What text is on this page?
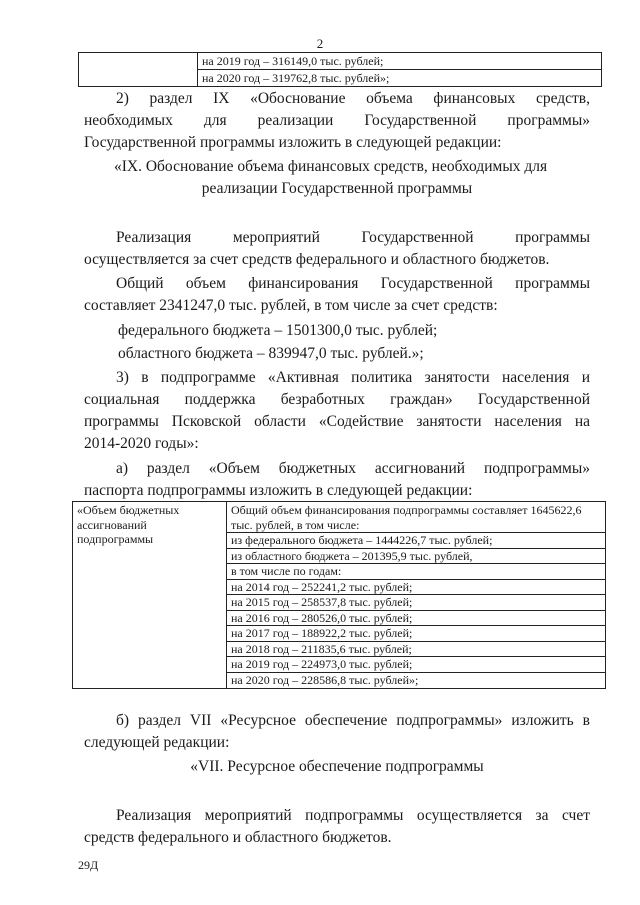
2
	на 2019 год – 316149,0 тыс. рублей;
на 2020 год – 319762,8 тыс. рублей»;
2) раздел IX «Обоснование объема финансовых средств,
необходимых для реализации Государственной программы»
Государственной программы изложить в следующей редакции:
«IX. Обоснование объема финансовых средств, необходимых для
реализации Государственной программы
Реализация мероприятий Государственной программы
осуществляется за счет средств федерального и областного бюджетов.
Общий объем финансирования Государственной программы
составляет 2341247,0 тыс. рублей, в том числе за счет средств:
федерального бюджета – 1501300,0 тыс. рублей;
областного бюджета – 839947,0 тыс. рублей.»;
3) в подпрограмме «Активная политика занятости населения и
социальная поддержка безработных граждан» Государственной
программы Псковской области «Содействие занятости населения на
2014-2020 годы»:
а) раздел «Объем бюджетных ассигнований подпрограммы»
паспорта подпрограммы изложить в следующей редакции:
«Объем бюджетных ассигнований подпрограммы	
Общий объем финансирования подпрограммы составляет 1645622,6 тыс. рублей, в том числе:
из федерального бюджета – 1444226,7 тыс. рублей;
из областного бюджета – 201395,9 тыс. рублей,
в том числе по годам:
на 2014 год – 252241,2 тыс. рублей;
на 2015 год – 258537,8 тыс. рублей;
на 2016 год – 280526,0 тыс. рублей;
на 2017 год – 188922,2 тыс. рублей;
на 2018 год – 211835,6 тыс. рублей;
на 2019 год – 224973,0 тыс. рублей;
на 2020 год – 228586,8 тыс. рублей»;
б) раздел VII «Ресурсное обеспечение подпрограммы» изложить в
следующей редакции:
«VII. Ресурсное обеспечение подпрограммы
Реализация мероприятий подпрограммы осуществляется за счет
средств федерального и областного бюджетов.
29Д
